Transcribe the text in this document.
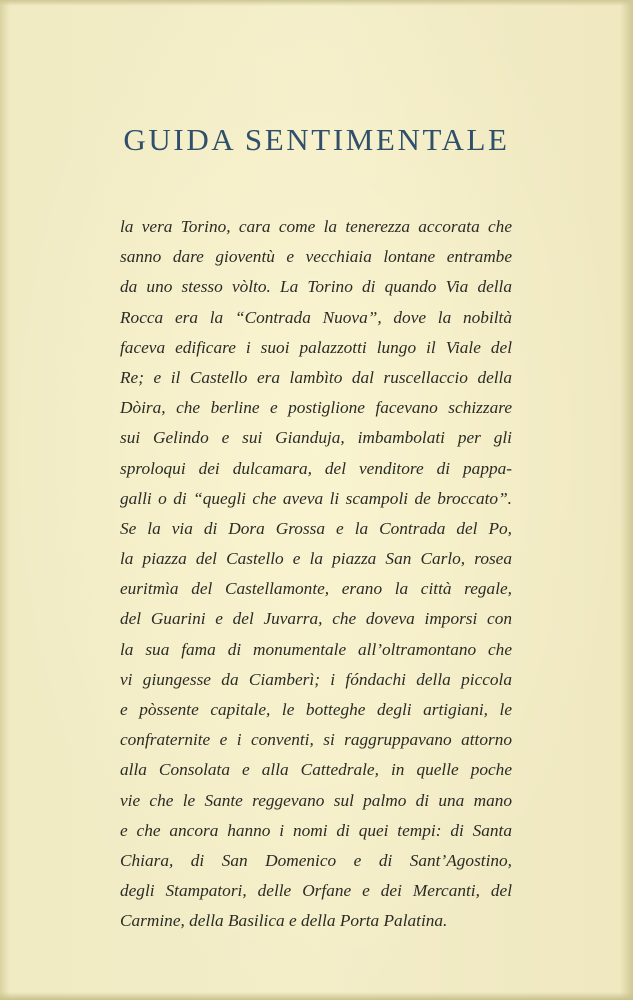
GUIDA SENTIMENTALE
la vera Torino, cara come la tenerezza accorata che
sanno dare gioventù e vecchiaia lontane entrambe
da uno stesso vòlto. La Torino di quando Via della
Rocca era la “Contrada Nuova”, dove la nobiltà
faceva edificare i suoi palazzotti lungo il Viale del
Re; e il Castello era lambìto dal ruscellaccio della
Dòira, che berline e postiglione facevano schizzare
sui Gelindo e sui Gianduja, imbambolati per gli
sproloqui dei dulcamara, del venditore di pappa-
galli o di “quegli che aveva li scampoli de broccato”.
Se la via di Dora Grossa e la Contrada del Po,
la piazza del Castello e la piazza San Carlo, rosea
euritmìa del Castellamonte, erano la città regale,
del Guarini e del Juvarra, che doveva imporsi con
la sua fama di monumentale all’oltramontano che
vi giungesse da Ciamberì; i fóndachi della piccola
e pòssente capitale, le botteghe degli artigiani, le
confraternite e i conventi, si raggruppavano attorno
alla Consolata e alla Cattedrale, in quelle poche
vie che le Sante reggevano sul palmo di una mano
e che ancora hanno i nomi di quei tempi: di Santa
Chiara, di San Domenico e di Sant’Agostino,
degli Stampatori, delle Orfane e dei Mercanti, del
Carmine, della Basilica e della Porta Palatina.
